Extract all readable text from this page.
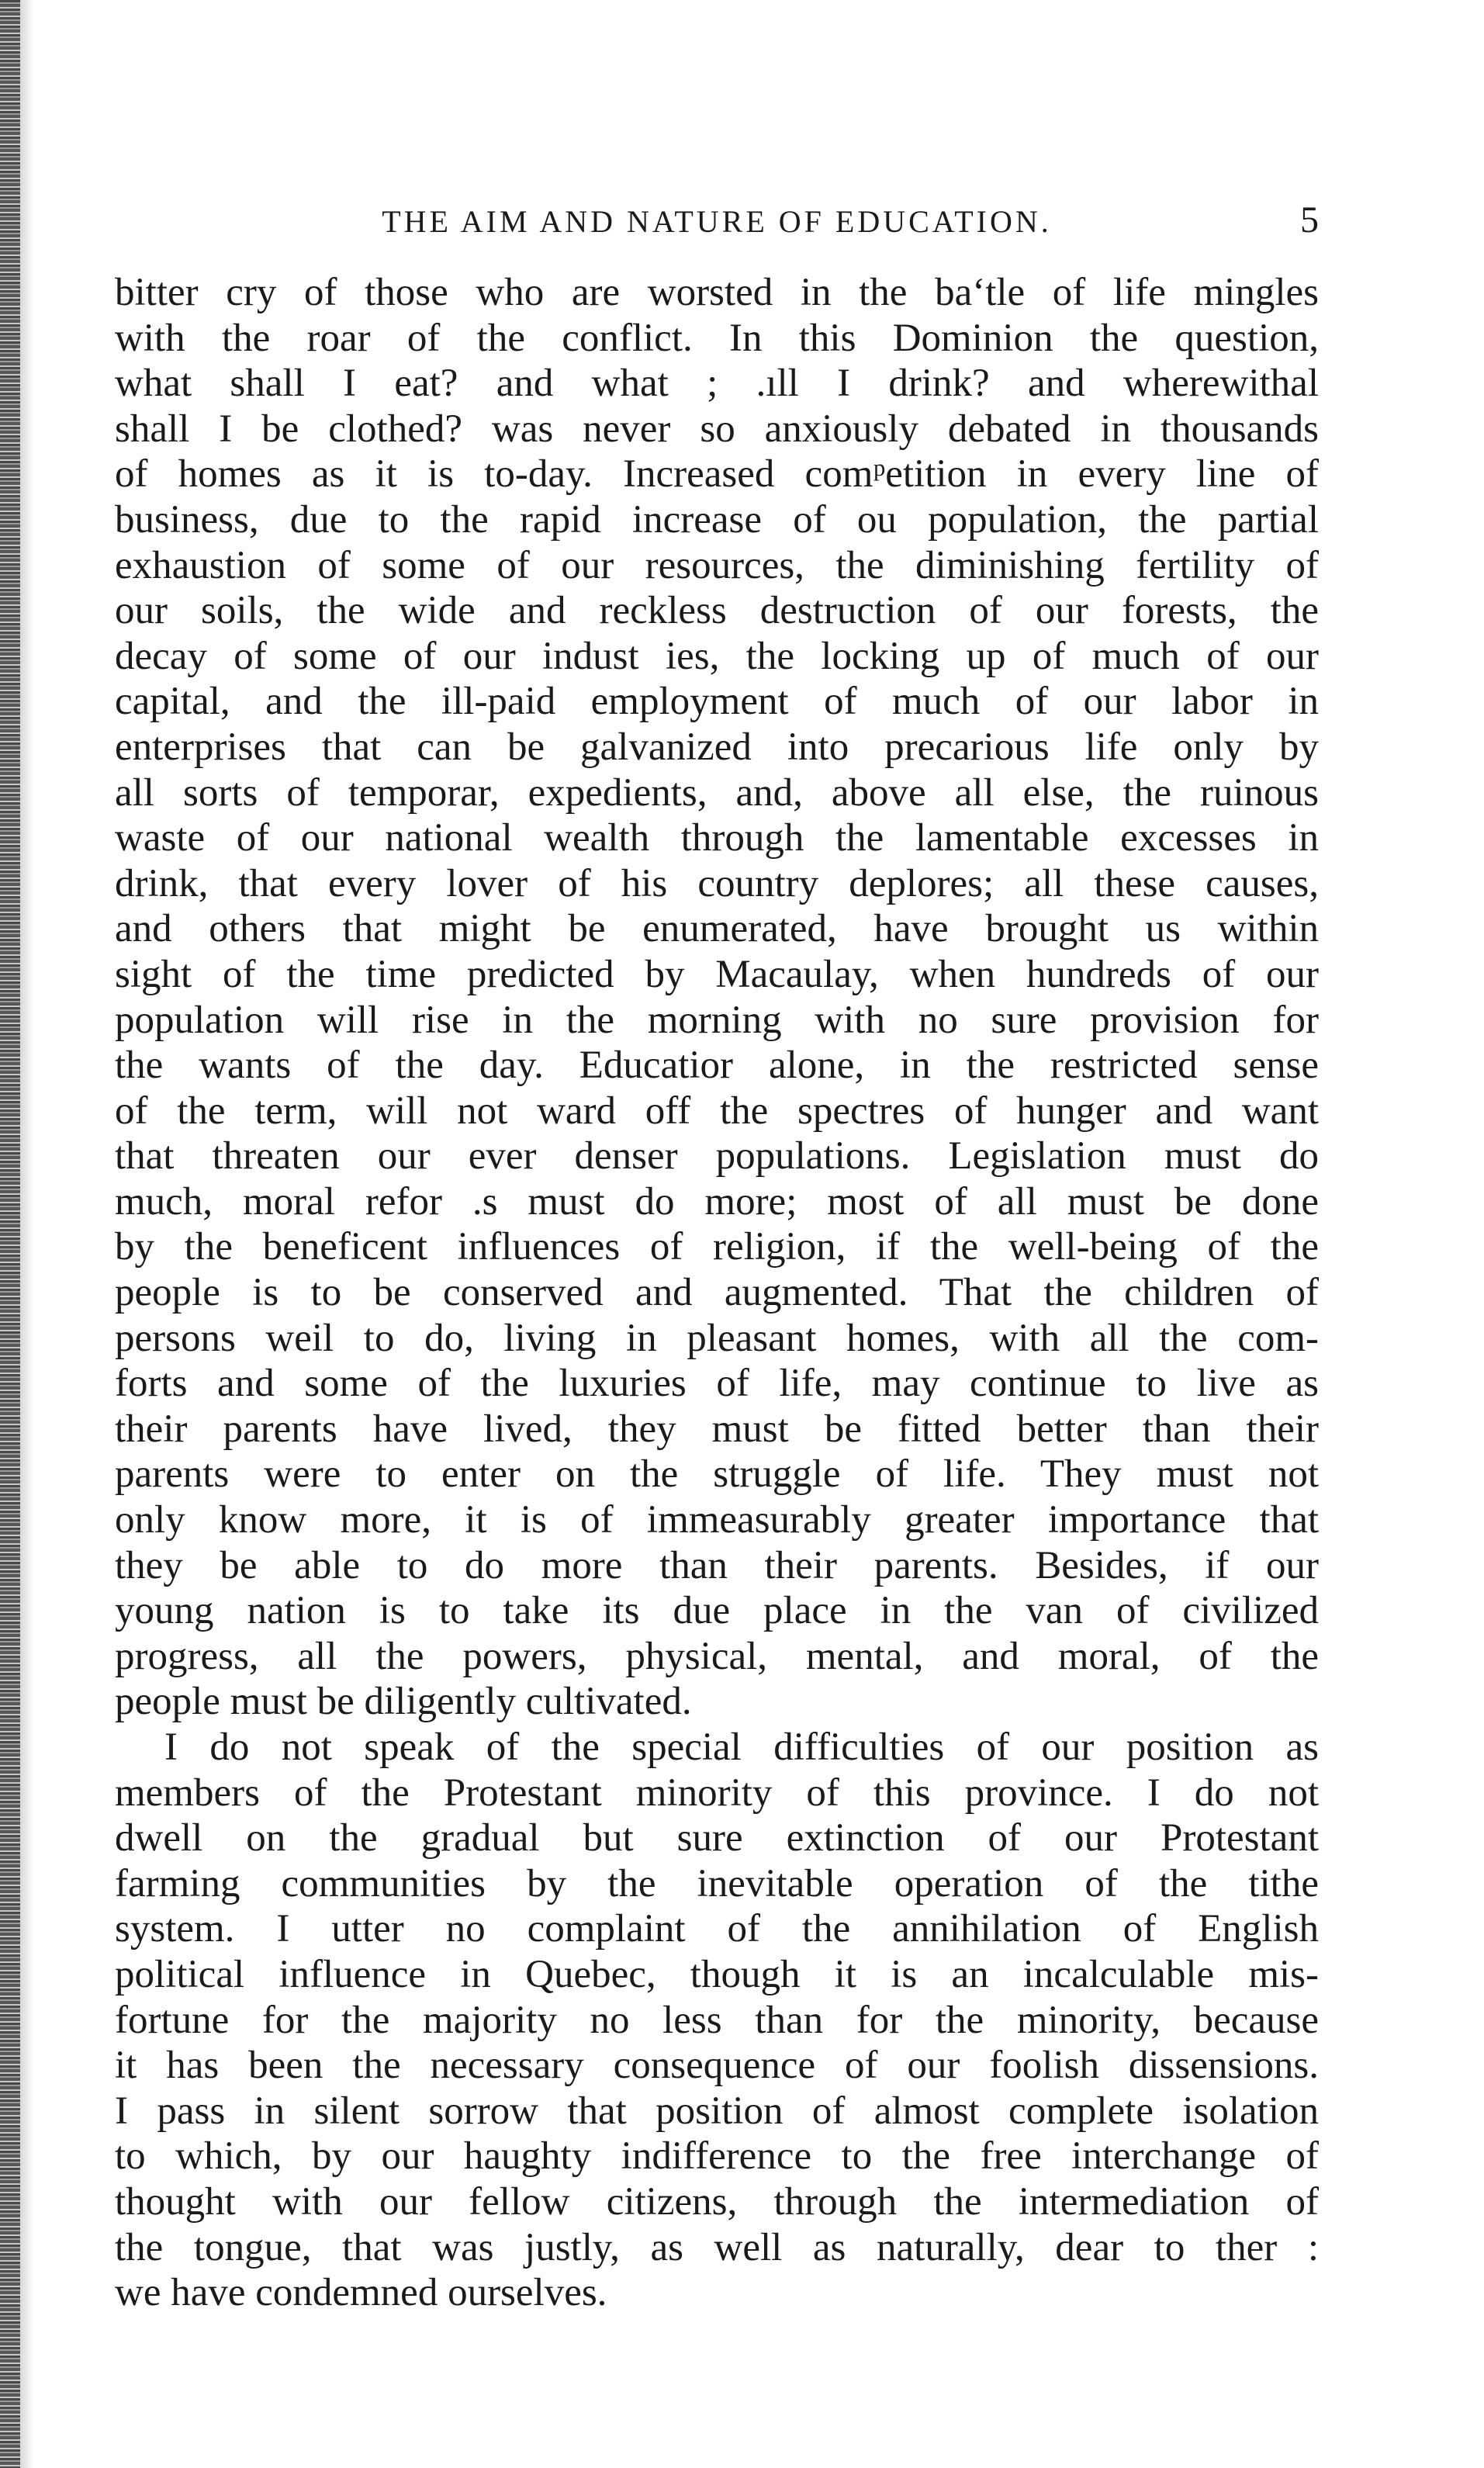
THE AIM AND NATURE OF EDUCATION.	5
bitter cry of those who are worsted in the ba‘tle of life mingles
with the roar of the conflict. In this Dominion the question,
what shall I eat? and what ; .ıll I drink? and wherewithal
shall I be clothed? was never so anxiously debated in thousands
of homes as it is to-day. Increased comᵖetition in every line of
business, due to the rapid increase of ou population, the partial
exhaustion of some of our resources, the diminishing fertility of
our soils, the wide and reckless destruction of our forests, the
decay of some of our indust ies, the locking up of much of our
capital, and the ill-paid employment of much of our labor in
enterprises that can be galvanized into precarious life only by
all sorts of temporar, expedients, and, above all else, the ruinous
waste of our national wealth through the lamentable excesses in
drink, that every lover of his country deplores; all these causes,
and others that might be enumerated, have brought us within
sight of the time predicted by Macaulay, when hundreds of our
population will rise in the morning with no sure provision for
the wants of the day. Educatior alone, in the restricted sense
of the term, will not ward off the spectres of hunger and want
that threaten our ever denser populations. Legislation must do
much, moral refor .s must do more; most of all must be done
by the beneficent influences of religion, if the well-being of the
people is to be conserved and augmented. That the children of
persons weil to do, living in pleasant homes, with all the com-
forts and some of the luxuries of life, may continue to live as
their parents have lived, they must be fitted better than their
parents were to enter on the struggle of life. They must not
only know more, it is of immeasurably greater importance that
they be able to do more than their parents. Besides, if our
young nation is to take its due place in the van of civilized
progress, all the powers, physical, mental, and moral, of the
people must be diligently cultivated.
I do not speak of the special difficulties of our position as
members of the Protestant minority of this province. I do not
dwell on the gradual but sure extinction of our Protestant
farming communities by the inevitable operation of the tithe
system. I utter no complaint of the annihilation of English
political influence in Quebec, though it is an incalculable mis-
fortune for the majority no less than for the minority, because
it has been the necessary consequence of our foolish dissensions.
I pass in silent sorrow that position of almost complete isolation
to which, by our haughty indifference to the free interchange of
thought with our fellow citizens, through the intermediation of
the tongue, that was justly, as well as naturally, dear to ther :
we have condemned ourselves.
